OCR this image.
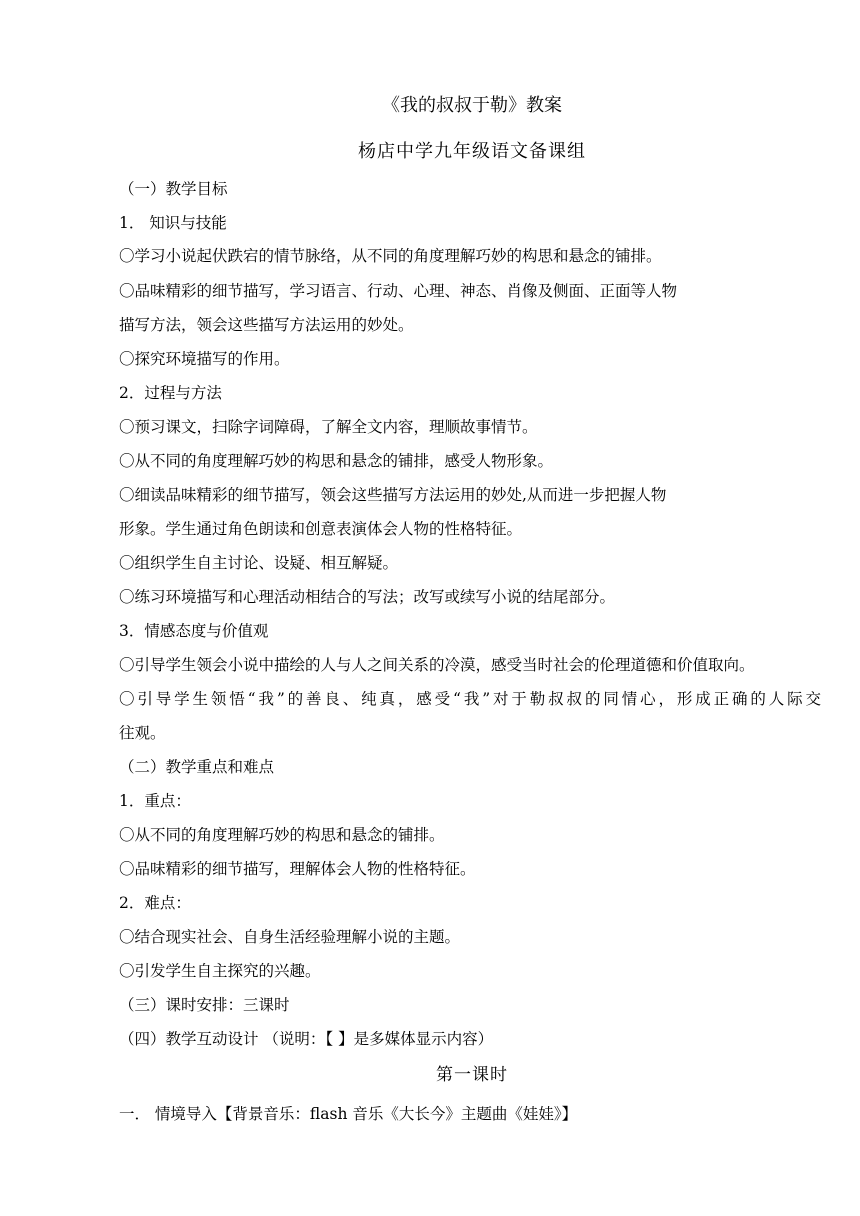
《我的叔叔于勒》教案
杨店中学九年级语文备课组
（一）教学目标
1． 知识与技能
〇学习小说起伏跌宕的情节脉络，从不同的角度理解巧妙的构思和悬念的铺排。
〇品味精彩的细节描写，学习语言、行动、心理、神态、肖像及侧面、正面等人物
描写方法，领会这些描写方法运用的妙处。
〇探究环境描写的作用。
2．过程与方法
〇预习课文，扫除字词障碍，了解全文内容，理顺故事情节。
〇从不同的角度理解巧妙的构思和悬念的铺排，感受人物形象。
〇细读品味精彩的细节描写，领会这些描写方法运用的妙处,从而进一步把握人物
形象。学生通过角色朗读和创意表演体会人物的性格特征。
〇组织学生自主讨论、设疑、相互解疑。
〇练习环境描写和心理活动相结合的写法；改写或续写小说的结尾部分。
3．情感态度与价值观
〇引导学生领会小说中描绘的人与人之间关系的冷漠，感受当时社会的伦理道德和价值取向。
〇引导学生领悟“我”的善良、纯真，感受“我”对于勒叔叔的同情心，形成正确的人际交
往观。
（二）教学重点和难点
1．重点：
〇从不同的角度理解巧妙的构思和悬念的铺排。
〇品味精彩的细节描写，理解体会人物的性格特征。
2．难点：
〇结合现实社会、自身生活经验理解小说的主题。
〇引发学生自主探究的兴趣。
（三）课时安排：三课时
（四）教学互动设计 （说明：【 】是多媒体显示内容）
第一课时
一． 情境导入【背景音乐：flash 音乐《大长今》主题曲《娃娃》】
